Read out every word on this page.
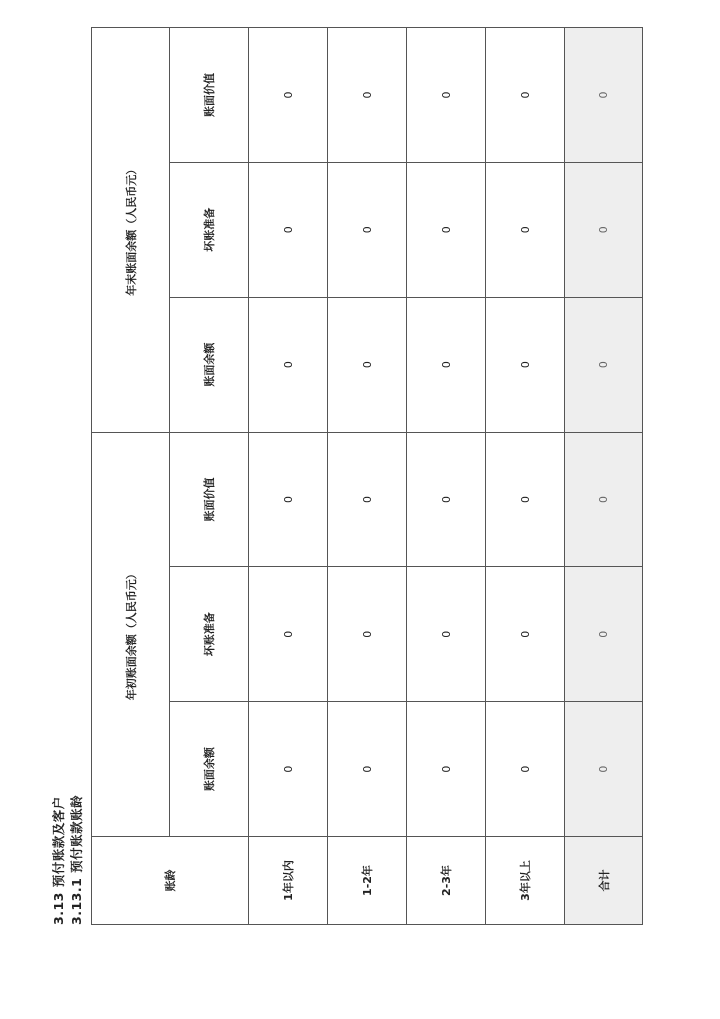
3.13 预付账款及客户 3.13.1 预付账款账龄	账龄	年初账面余额（人民币元）			年末账面余额（人民币元）		
	账面余额	坏账准备	账面价值	账面余额	坏账准备	账面价值
1年以内	0	0	0	0	0	0
1-2年	0	0	0	0	0	0
2-3年	0	0	0	0	0	0
3年以上	0	0	0	0	0	0
合计	0	0	0	0	0	0
